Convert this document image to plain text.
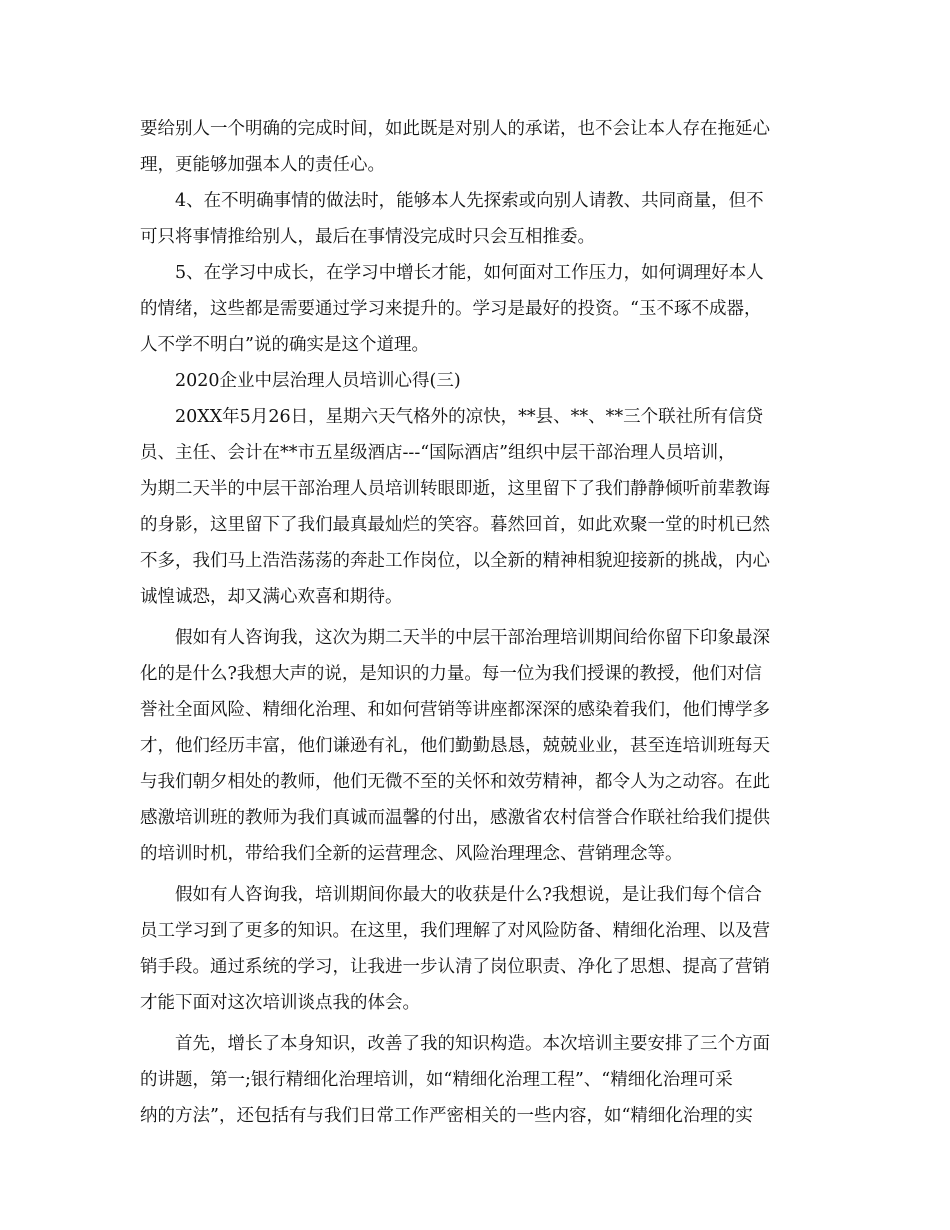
要给别人一个明确的完成时间，如此既是对别人的承诺，也不会让本人存在拖延心
理，更能够加强本人的责任心。
4、在不明确事情的做法时，能够本人先探索或向别人请教、共同商量，但不
可只将事情推给别人，最后在事情没完成时只会互相推委。
5、在学习中成长，在学习中增长才能，如何面对工作压力，如何调理好本人
的情绪，这些都是需要通过学习来提升的。学习是最好的投资。“玉不琢不成器，
人不学不明白”说的确实是这个道理。
2020企业中层治理人员培训心得(三)
20XX年5月26日，星期六天气格外的凉快，**县、**、**三个联社所有信贷
员、主任、会计在**市五星级酒店---“国际酒店”组织中层干部治理人员培训，
为期二天半的中层干部治理人员培训转眼即逝，这里留下了我们静静倾听前辈教诲
的身影，这里留下了我们最真最灿烂的笑容。暮然回首，如此欢聚一堂的时机已然
不多，我们马上浩浩荡荡的奔赴工作岗位，以全新的精神相貌迎接新的挑战，内心
诚惶诚恐，却又满心欢喜和期待。
假如有人咨询我，这次为期二天半的中层干部治理培训期间给你留下印象最深
化的是什么?我想大声的说，是知识的力量。每一位为我们授课的教授，他们对信
誉社全面风险、精细化治理、和如何营销等讲座都深深的感染着我们，他们博学多
才，他们经历丰富，他们谦逊有礼，他们勤勤恳恳，兢兢业业，甚至连培训班每天
与我们朝夕相处的教师，他们无微不至的关怀和效劳精神，都令人为之动容。在此
感激培训班的教师为我们真诚而温馨的付出，感激省农村信誉合作联社给我们提供
的培训时机，带给我们全新的运营理念、风险治理理念、营销理念等。
假如有人咨询我，培训期间你最大的收获是什么?我想说，是让我们每个信合
员工学习到了更多的知识。在这里，我们理解了对风险防备、精细化治理、以及营
销手段。通过系统的学习，让我进一步认清了岗位职责、净化了思想、提高了营销
才能下面对这次培训谈点我的体会。
首先，增长了本身知识，改善了我的知识构造。本次培训主要安排了三个方面
的讲题，第一;银行精细化治理培训，如“精细化治理工程”、“精细化治理可采
纳的方法”，还包括有与我们日常工作严密相关的一些内容，如“精细化治理的实
